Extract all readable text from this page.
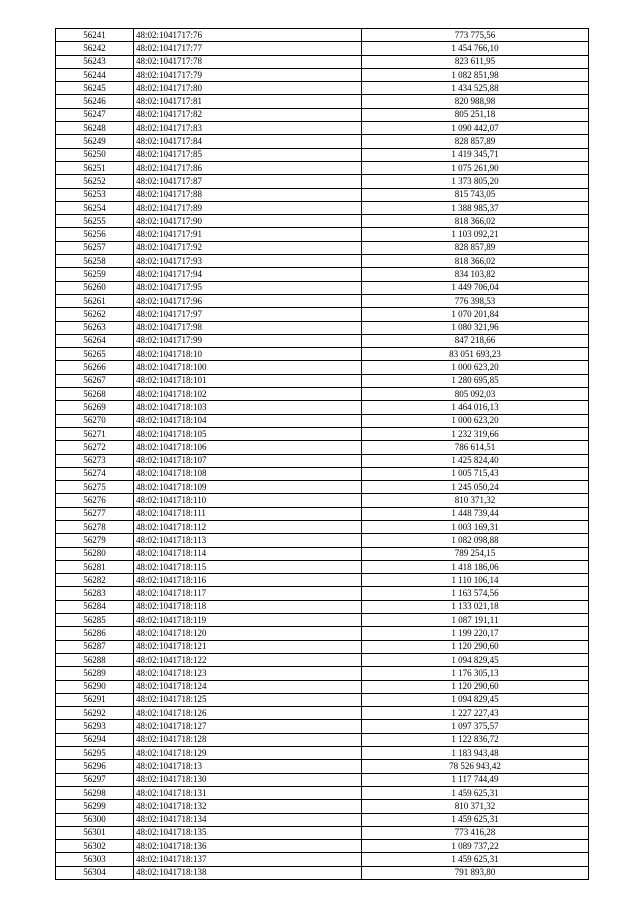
56241	48:02:1041717:76	773 775,56
56242	48:02:1041717:77	1 454 766,10
56243	48:02:1041717:78	823 611,95
56244	48:02:1041717:79	1 082 851,98
56245	48:02:1041717:80	1 434 525,88
56246	48:02:1041717:81	820 988,98
56247	48:02:1041717:82	805 251,18
56248	48:02:1041717:83	1 090 442,07
56249	48:02:1041717:84	828 857,89
56250	48:02:1041717:85	1 419 345,71
56251	48:02:1041717:86	1 075 261,90
56252	48:02:1041717:87	1 373 805,20
56253	48:02:1041717:88	815 743,05
56254	48:02:1041717:89	1 388 985,37
56255	48:02:1041717:90	818 366,02
56256	48:02:1041717:91	1 103 092,21
56257	48:02:1041717:92	828 857,89
56258	48:02:1041717:93	818 366,02
56259	48:02:1041717:94	834 103,82
56260	48:02:1041717:95	1 449 706,04
56261	48:02:1041717:96	776 398,53
56262	48:02:1041717:97	1 070 201,84
56263	48:02:1041717:98	1 080 321,96
56264	48:02:1041717:99	847 218,66
56265	48:02:1041718:10	83 051 693,23
56266	48:02:1041718:100	1 000 623,20
56267	48:02:1041718:101	1 280 695,85
56268	48:02:1041718:102	805 092,03
56269	48:02:1041718:103	1 464 016,13
56270	48:02:1041718:104	1 000 623,20
56271	48:02:1041718:105	1 232 319,66
56272	48:02:1041718:106	786 614,51
56273	48:02:1041718:107	1 425 824,40
56274	48:02:1041718:108	1 005 715,43
56275	48:02:1041718:109	1 245 050,24
56276	48:02:1041718:110	810 371,32
56277	48:02:1041718:111	1 448 739,44
56278	48:02:1041718:112	1 003 169,31
56279	48:02:1041718:113	1 082 098,88
56280	48:02:1041718:114	789 254,15
56281	48:02:1041718:115	1 418 186,06
56282	48:02:1041718:116	1 110 106,14
56283	48:02:1041718:117	1 163 574,56
56284	48:02:1041718:118	1 133 021,18
56285	48:02:1041718:119	1 087 191,11
56286	48:02:1041718:120	1 199 220,17
56287	48:02:1041718:121	1 120 290,60
56288	48:02:1041718:122	1 094 829,45
56289	48:02:1041718:123	1 176 305,13
56290	48:02:1041718:124	1 120 290,60
56291	48:02:1041718:125	1 094 829,45
56292	48:02:1041718:126	1 227 227,43
56293	48:02:1041718:127	1 097 375,57
56294	48:02:1041718:128	1 122 836,72
56295	48:02:1041718:129	1 183 943,48
56296	48:02:1041718:13	78 526 943,42
56297	48:02:1041718:130	1 117 744,49
56298	48:02:1041718:131	1 459 625,31
56299	48:02:1041718:132	810 371,32
56300	48:02:1041718:134	1 459 625,31
56301	48:02:1041718:135	773 416,28
56302	48:02:1041718:136	1 089 737,22
56303	48:02:1041718:137	1 459 625,31
56304	48:02:1041718:138	791 893,80
